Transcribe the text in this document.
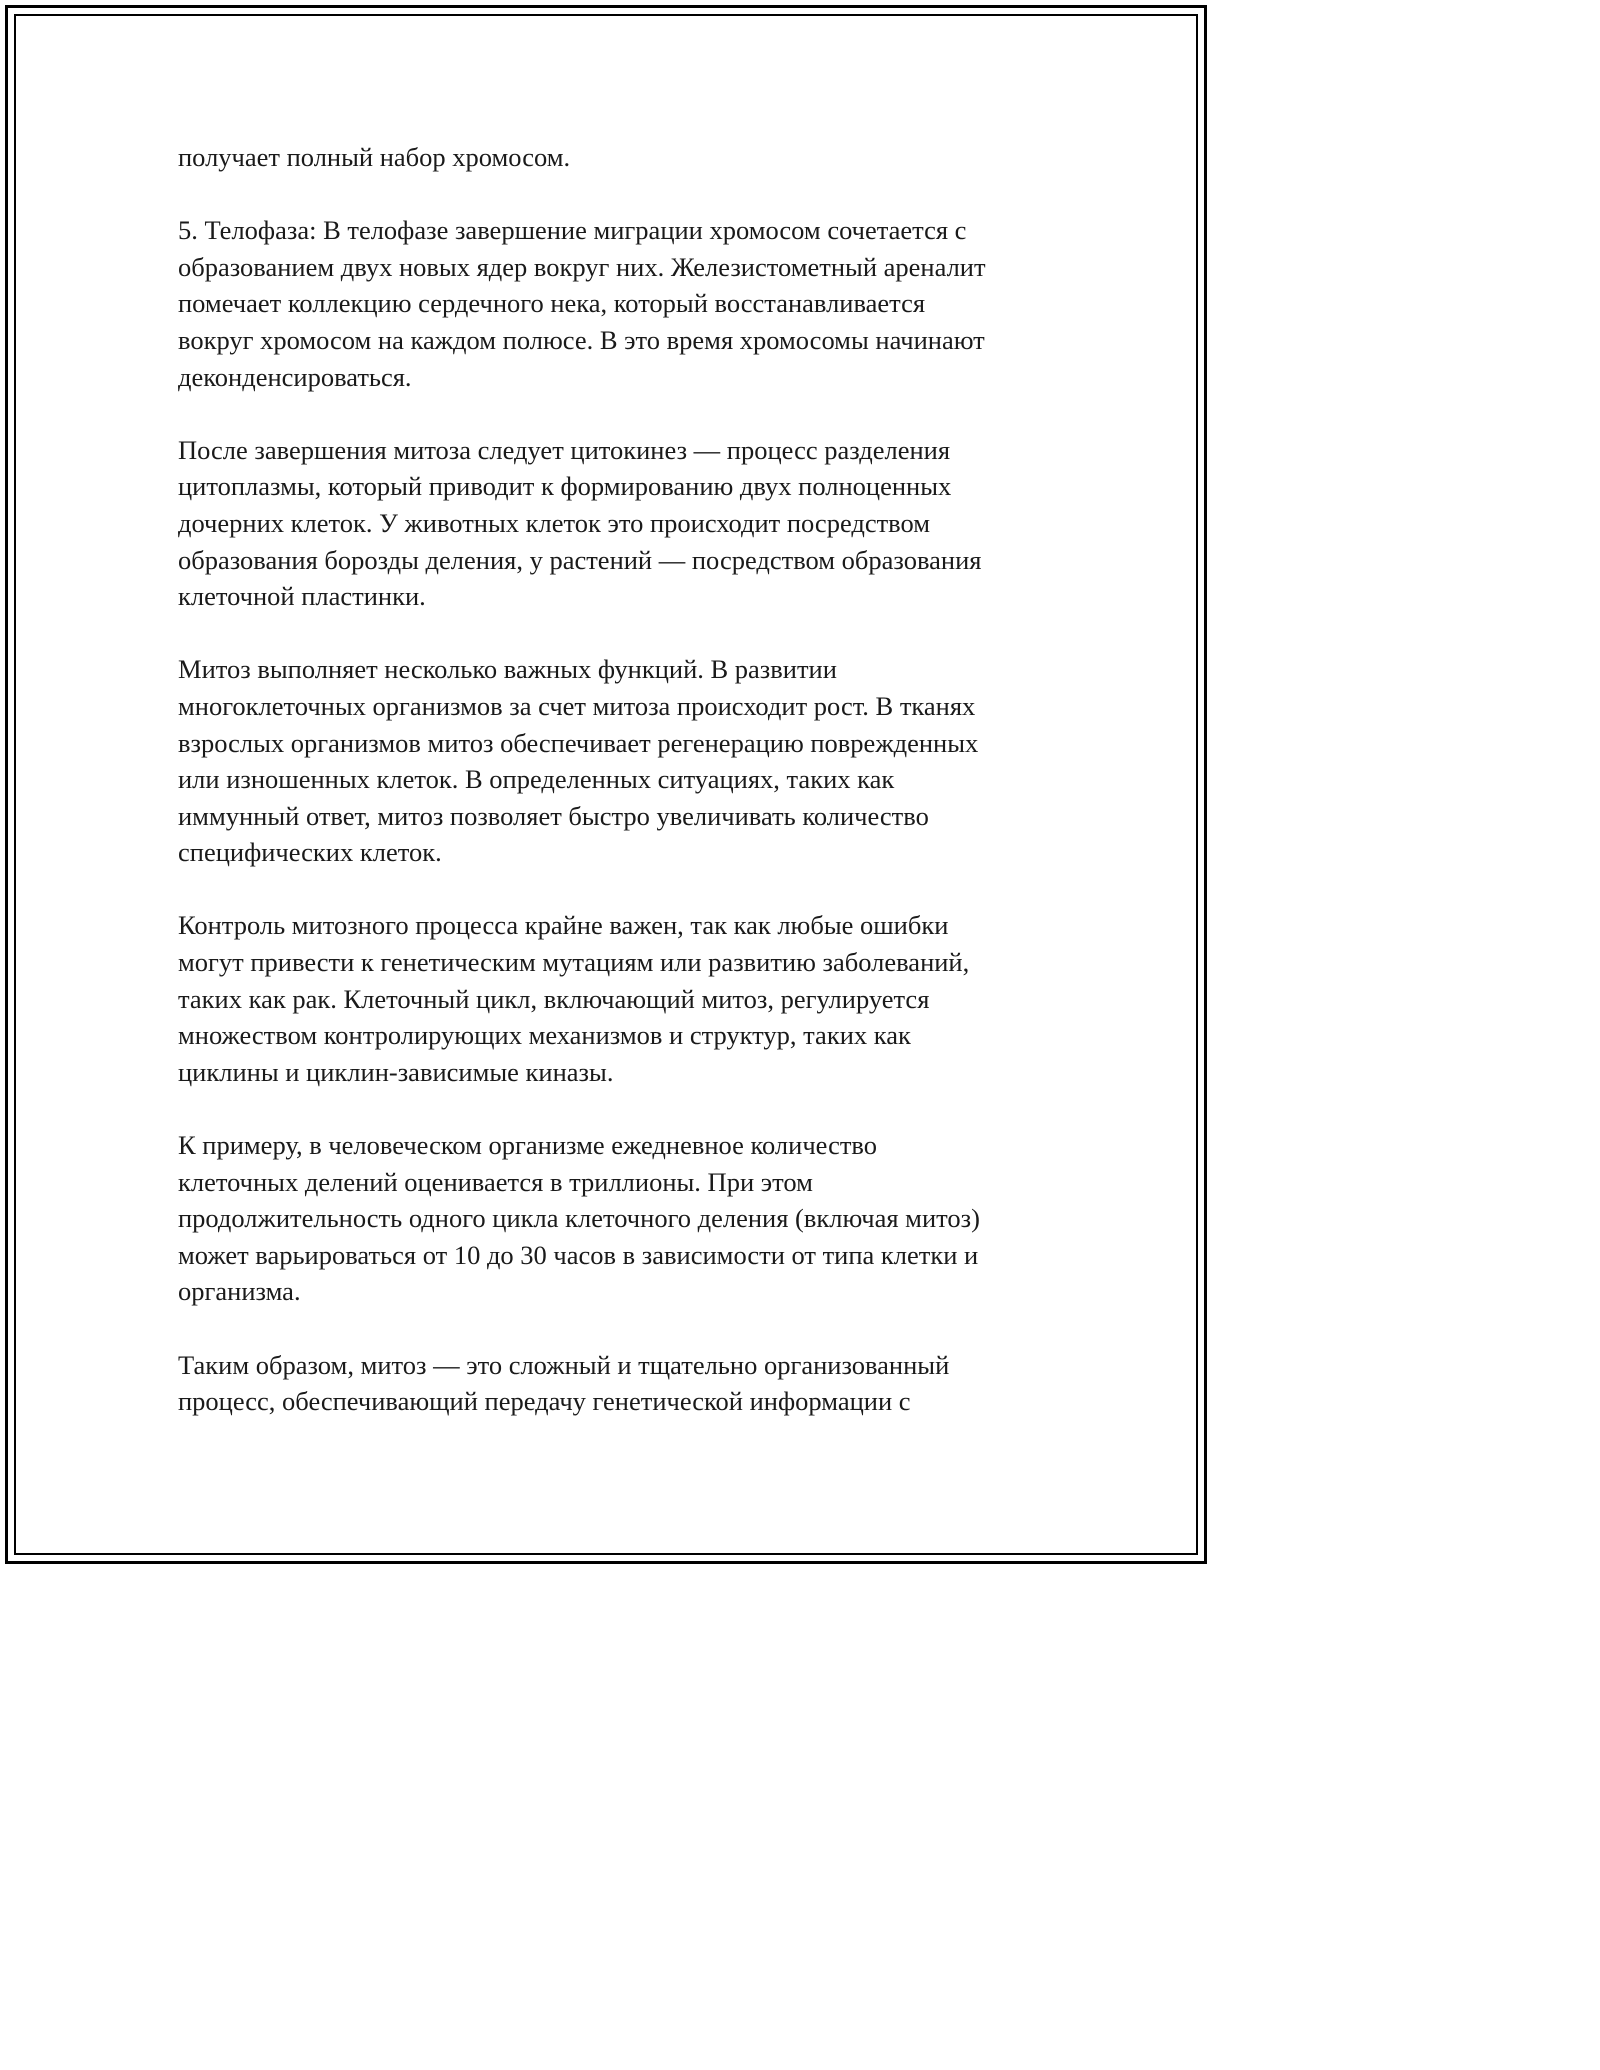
получает полный набор хромосом.
5. Телофаза: В телофазе завершение миграции хромосом сочетается с
образованием двух новых ядер вокруг них. Железистометный ареналит
помечает коллекцию сердечного нека, который восстанавливается
вокруг хромосом на каждом полюсе. В это время хромосомы начинают
деконденсироваться.
После завершения митоза следует цитокинез — процесс разделения
цитоплазмы, который приводит к формированию двух полноценных
дочерних клеток. У животных клеток это происходит посредством
образования борозды деления, у растений — посредством образования
клеточной пластинки.
Митоз выполняет несколько важных функций. В развитии
многоклеточных организмов за счет митоза происходит рост. В тканях
взрослых организмов митоз обеспечивает регенерацию поврежденных
или изношенных клеток. В определенных ситуациях, таких как
иммунный ответ, митоз позволяет быстро увеличивать количество
специфических клеток.
Контроль митозного процесса крайне важен, так как любые ошибки
могут привести к генетическим мутациям или развитию заболеваний,
таких как рак. Клеточный цикл, включающий митоз, регулируется
множеством контролирующих механизмов и структур, таких как
циклины и циклин-зависимые киназы.
К примеру, в человеческом организме ежедневное количество
клеточных делений оценивается в триллионы. При этом
продолжительность одного цикла клеточного деления (включая митоз)
может варьироваться от 10 до 30 часов в зависимости от типа клетки и
организма.
Таким образом, митоз — это сложный и тщательно организованный
процесс, обеспечивающий передачу генетической информации с
